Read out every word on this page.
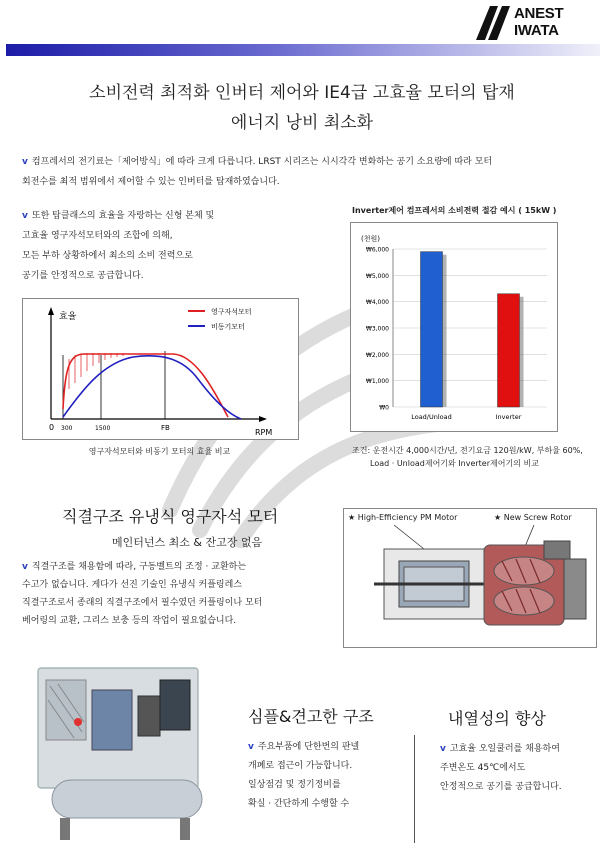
ANEST
IWATA
소비전력 최적화 인버터 제어와 IE4급 고효율 모터의 탑재
에너지 낭비 최소화
v 컴프레서의 전기료는「제어방식」에 따라 크게 다릅니다. LRST 시리즈는 시시각각 변화하는 공기 소요량에 따라 모터
회전수를 최적 범위에서 제어할 수 있는 인버터를 탑재하였습니다.
v 또한 탑클래스의 효율을 자랑하는 신형 본체 및
고효율 영구자석모터와의 조합에 의해,
모든 부하 상황하에서 최소의 소비 전력으로
공기를 안정적으로 공급합니다.
효율
RPM
0 300	1500	FB
영구자석모터
비동기모터
영구자석모터와 비동기 모터의 효율 비교
Inverter제어 컴프레서의 소비전력 절감 예시 ( 15kW )
(천원)
₩0
₩1,000
₩2,000
₩3,000
₩4,000
₩5,000
₩6,000
Load/Unload	Inverter
조건: 운전시간 4,000시간/년, 전기요금 120원/kW, 부하율 60%,
Load · Unload제어기와 Inverter제어기의 비교
직결구조 유냉식 영구자석 모터
메인터넌스 최소 & 잔고장 없음
v 직결구조를 채용함에 따라, 구동벨트의 조정 · 교환하는
수고가 없습니다. 게다가 선진 기술인 유냉식 커플링레스
직결구조로서 종래의 직결구조에서 필수였던 커플링이나 모터
베어링의 교환, 그리스 보충 등의 작업이 필요없습니다.
★ High-Efficiency PM Motor	★ New Screw Rotor
심플&견고한 구조
v 주요부품에 단한번의 판넬
개폐로 접근이 가능합니다.
일상점검 및 정기정비를
확실 · 간단하게 수행할 수
내열성의 향상
v 고효율 오일쿨러를 채용하여
주변온도 45℃에서도
안정적으로 공기를 공급합니다.
